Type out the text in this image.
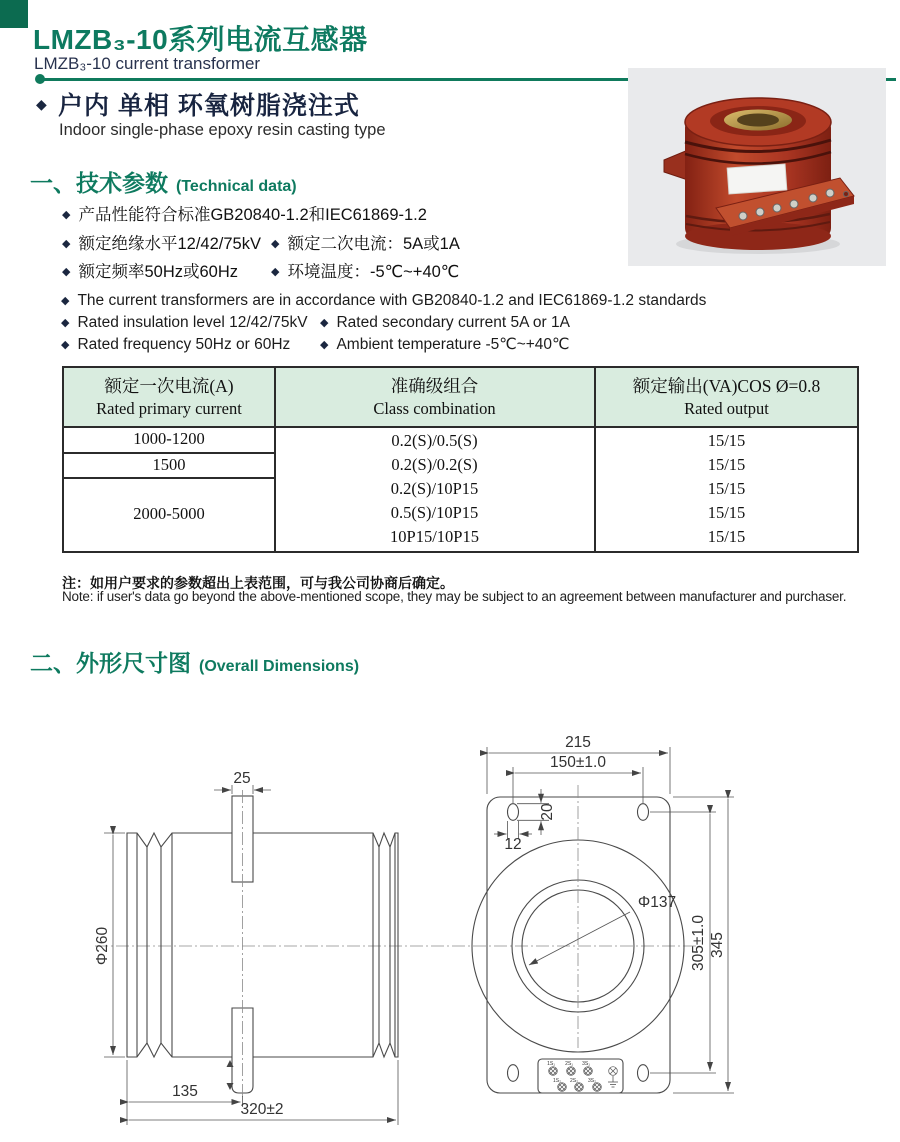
LMZB₃-10系列电流互感器
LMZB₃-10 current transformer
◆ 户内 单相 环氧树脂浇注式
Indoor single-phase epoxy resin casting type
一、技术参数 (Technical data)
◆ 产品性能符合标准GB20840-1.2和IEC61869-1.2
◆ 额定绝缘水平12/42/75kV ◆ 额定二次电流：5A或1A
◆ 额定频率50Hz或60Hz	◆ 环境温度：-5℃~+40℃
◆ The current transformers are in accordance with GB20840-1.2 and IEC61869-1.2 standards
◆ Rated insulation level 12/42/75kV ◆ Rated secondary current 5A or 1A
◆ Rated frequency 50Hz or 60Hz	◆ Ambient temperature -5℃~+40℃
额定一次电流(A)
Rated primary current
准确级组合
Class combination
额定输出(VA)COS Ø=0.8
Rated output
1000-1200
1500
2000-5000
0.2(S)/0.5(S)
0.2(S)/0.2(S)
0.2(S)/10P15
0.5(S)/10P15
10P15/10P15
15/15
15/15
15/15
15/15
15/15
注：如用户要求的参数超出上表范围，可与我公司协商后确定。
Note: if user's data go beyond the above-mentioned scope, they may be subject to an agreement between manufacturer and purchaser.
二、外形尺寸图 (Overall Dimensions)
25
Φ260
135
320±2
1S₁ 2S₁ 3S₁
1S₂ 2S₂ 3S₂
215
150±1.0
20
12
Φ137
305±1.0 345
